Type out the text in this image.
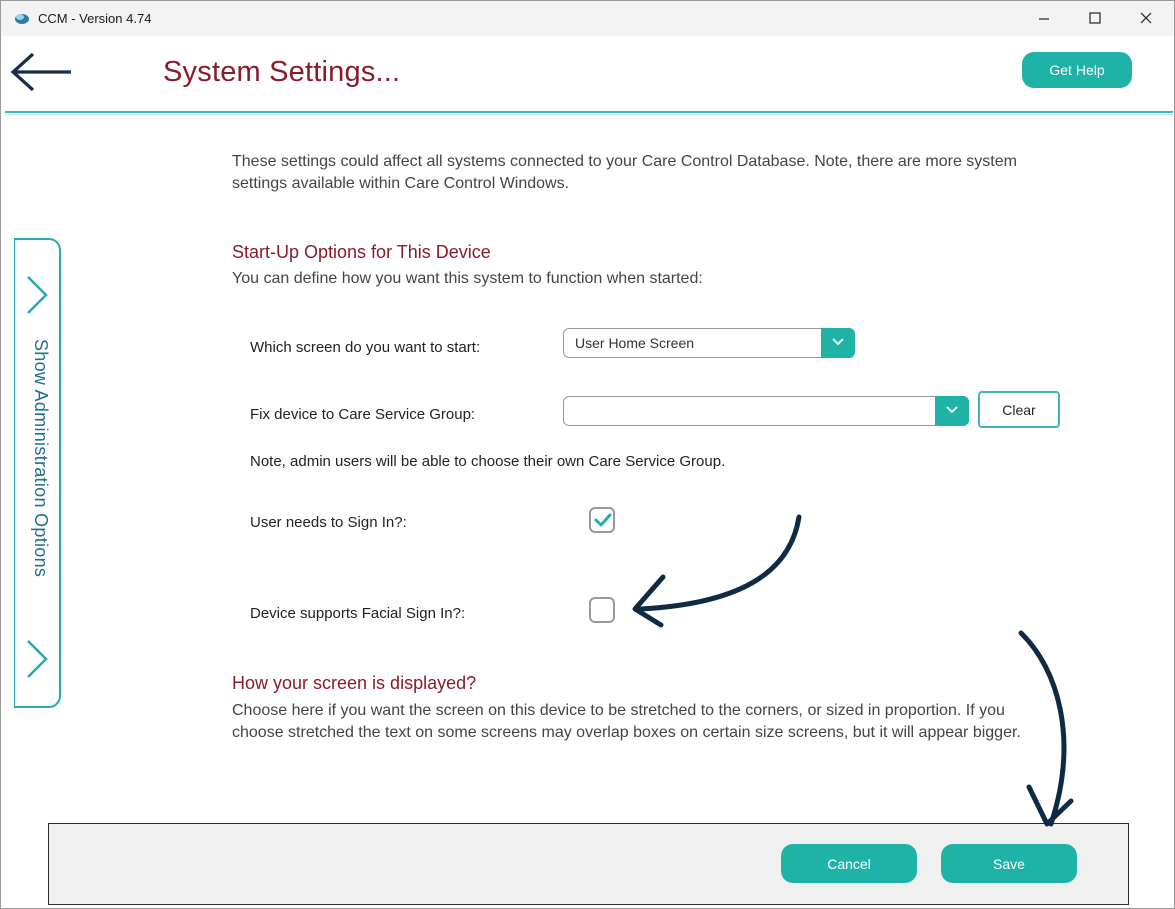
CCM - Version 4.74
System Settings...	Get Help
Show Administration Options
These settings could affect all systems connected to your Care Control Database. Note, there are more system settings available within Care Control Windows.
Start-Up Options for This Device
You can define how you want this system to function when started:
Which screen do you want to start:	User Home Screen
Fix device to Care Service Group:	Clear
Note, admin users will be able to choose their own Care Service Group.
User needs to Sign In?:
Device supports Facial Sign In?:
How your screen is displayed?
Choose here if you want the screen on this device to be stretched to the corners, or sized in proportion. If you choose stretched the text on some screens may overlap boxes on certain size screens, but it will appear bigger.
Cancel	Save
